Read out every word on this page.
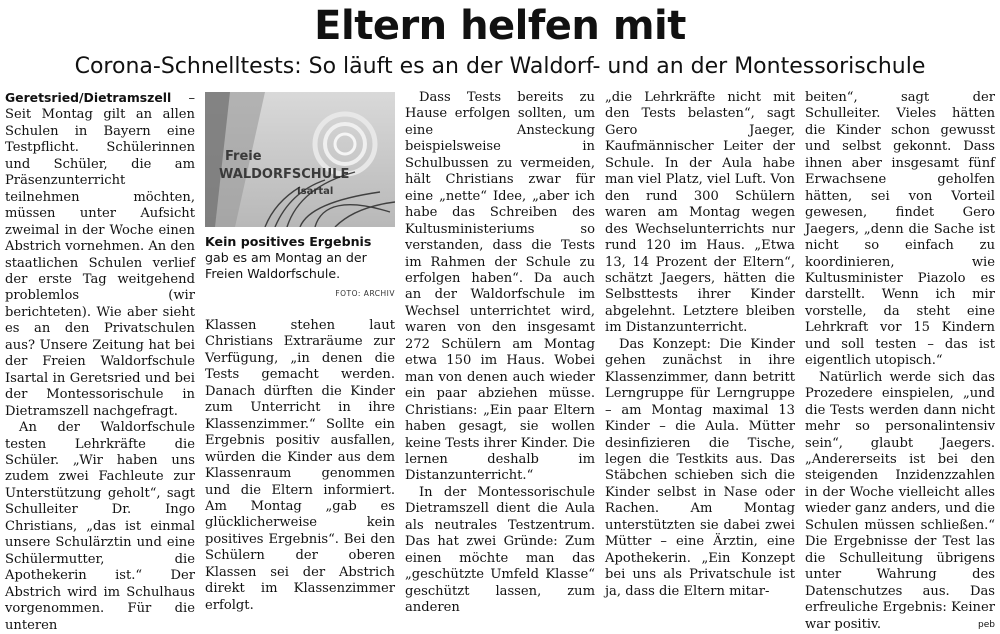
Eltern helfen mit
Corona-Schnelltests: So läuft es an der Waldorf- und an der Montessorischule

Geretsried/Dietramszell – Seit Montag gilt an allen Schulen in Bayern eine Testpflicht. Schülerinnen und Schüler, die am Präsenzunterricht teilnehmen möchten, müssen unter Aufsicht zweimal in der Woche einen Abstrich vornehmen. An den staatlichen Schulen verlief der erste Tag weitgehend problemlos (wir berichteten). Wie aber sieht es an den Privatschulen aus? Unsere Zeitung hat bei der Freien Waldorfschule Isartal in Geretsried und bei der Montessorischule in Dietramszell nachgefragt.

An der Waldorfschule testen Lehrkräfte die Schüler. „Wir haben uns zudem zwei Fachleute zur Unterstützung geholt“, sagt Schulleiter Dr. Ingo Christians, „das ist einmal unsere Schulärztin und eine Schülermutter, die Apothekerin ist.“ Der Abstrich wird im Schulhaus vorgenommen. Für die unteren

Freie
WALDORFSCHULE
Isartal
Kein positives Ergebnis gab es am Montag an der Freien Waldorfschule.
FOTO: ARCHIV

Klassen stehen laut Christians Extraräume zur Verfügung, „in denen die Tests gemacht werden. Danach dürften die Kinder zum Unterricht in ihre Klassenzimmer.“ Sollte ein Ergebnis positiv ausfallen, würden die Kinder aus dem Klassenraum genommen und die Eltern informiert. Am Montag „gab es glücklicherweise kein positives Ergebnis“. Bei den Schülern der oberen Klassen sei der Abstrich direkt im Klassenzimmer erfolgt.

Dass Tests bereits zu Hause erfolgen sollten, um eine Ansteckung beispielsweise in Schulbussen zu vermeiden, hält Christians zwar für eine „nette“ Idee, „aber ich habe das Schreiben des Kultusministeriums so verstanden, dass die Tests im Rahmen der Schule zu erfolgen haben“. Da auch an der Waldorfschule im Wechsel unterrichtet wird, waren von den insgesamt 272 Schülern am Montag etwa 150 im Haus. Wobei man von denen auch wieder ein paar abziehen müsse. Christians: „Ein paar Eltern haben gesagt, sie wollen keine Tests ihrer Kinder. Die lernen deshalb im Distanzunterricht.“

In der Montessorischule Dietramszell dient die Aula als neutrales Testzentrum. Das hat zwei Gründe: Zum einen möchte man das „geschützte Umfeld Klasse“ geschützt lassen, zum anderen

„die Lehrkräfte nicht mit den Tests belasten“, sagt Gero Jaeger, Kaufmännischer Leiter der Schule. In der Aula habe man viel Platz, viel Luft. Von den rund 300 Schülern waren am Montag wegen des Wechselunterrichts nur rund 120 im Haus. „Etwa 13, 14 Prozent der Eltern“, schätzt Jaegers, hätten die Selbsttests ihrer Kinder abgelehnt. Letztere bleiben im Distanzunterricht.

Das Konzept: Die Kinder gehen zunächst in ihre Klassenzimmer, dann betritt Lerngruppe für Lerngruppe – am Montag maximal 13 Kinder – die Aula. Mütter desinfizieren die Tische, legen die Testkits aus. Das Stäbchen schieben sich die Kinder selbst in Nase oder Rachen. Am Montag unterstützten sie dabei zwei Mütter – eine Ärztin, eine Apothekerin. „Ein Konzept bei uns als Privatschule ist ja, dass die Eltern mitar-

beiten“, sagt der Schulleiter. Vieles hätten die Kinder schon gewusst und selbst gekonnt. Dass ihnen aber insgesamt fünf Erwachsene geholfen hätten, sei von Vorteil gewesen, findet Gero Jaegers, „denn die Sache ist nicht so einfach zu koordinieren, wie Kultusminister Piazolo es darstellt. Wenn ich mir vorstelle, da steht eine Lehrkraft vor 15 Kindern und soll testen – das ist eigentlich utopisch.“

Natürlich werde sich das Prozedere einspielen, „und die Tests werden dann nicht mehr so personalintensiv sein“, glaubt Jaegers. „Andererseits ist bei den steigenden Inzidenzzahlen in der Woche vielleicht alles wieder ganz anders, und die Schulen müssen schließen.“ Die Ergebnisse der Test las die Schulleitung übrigens unter Wahrung des Datenschutzes aus. Das erfreuliche Ergebnis: Keiner war positiv.	peb
